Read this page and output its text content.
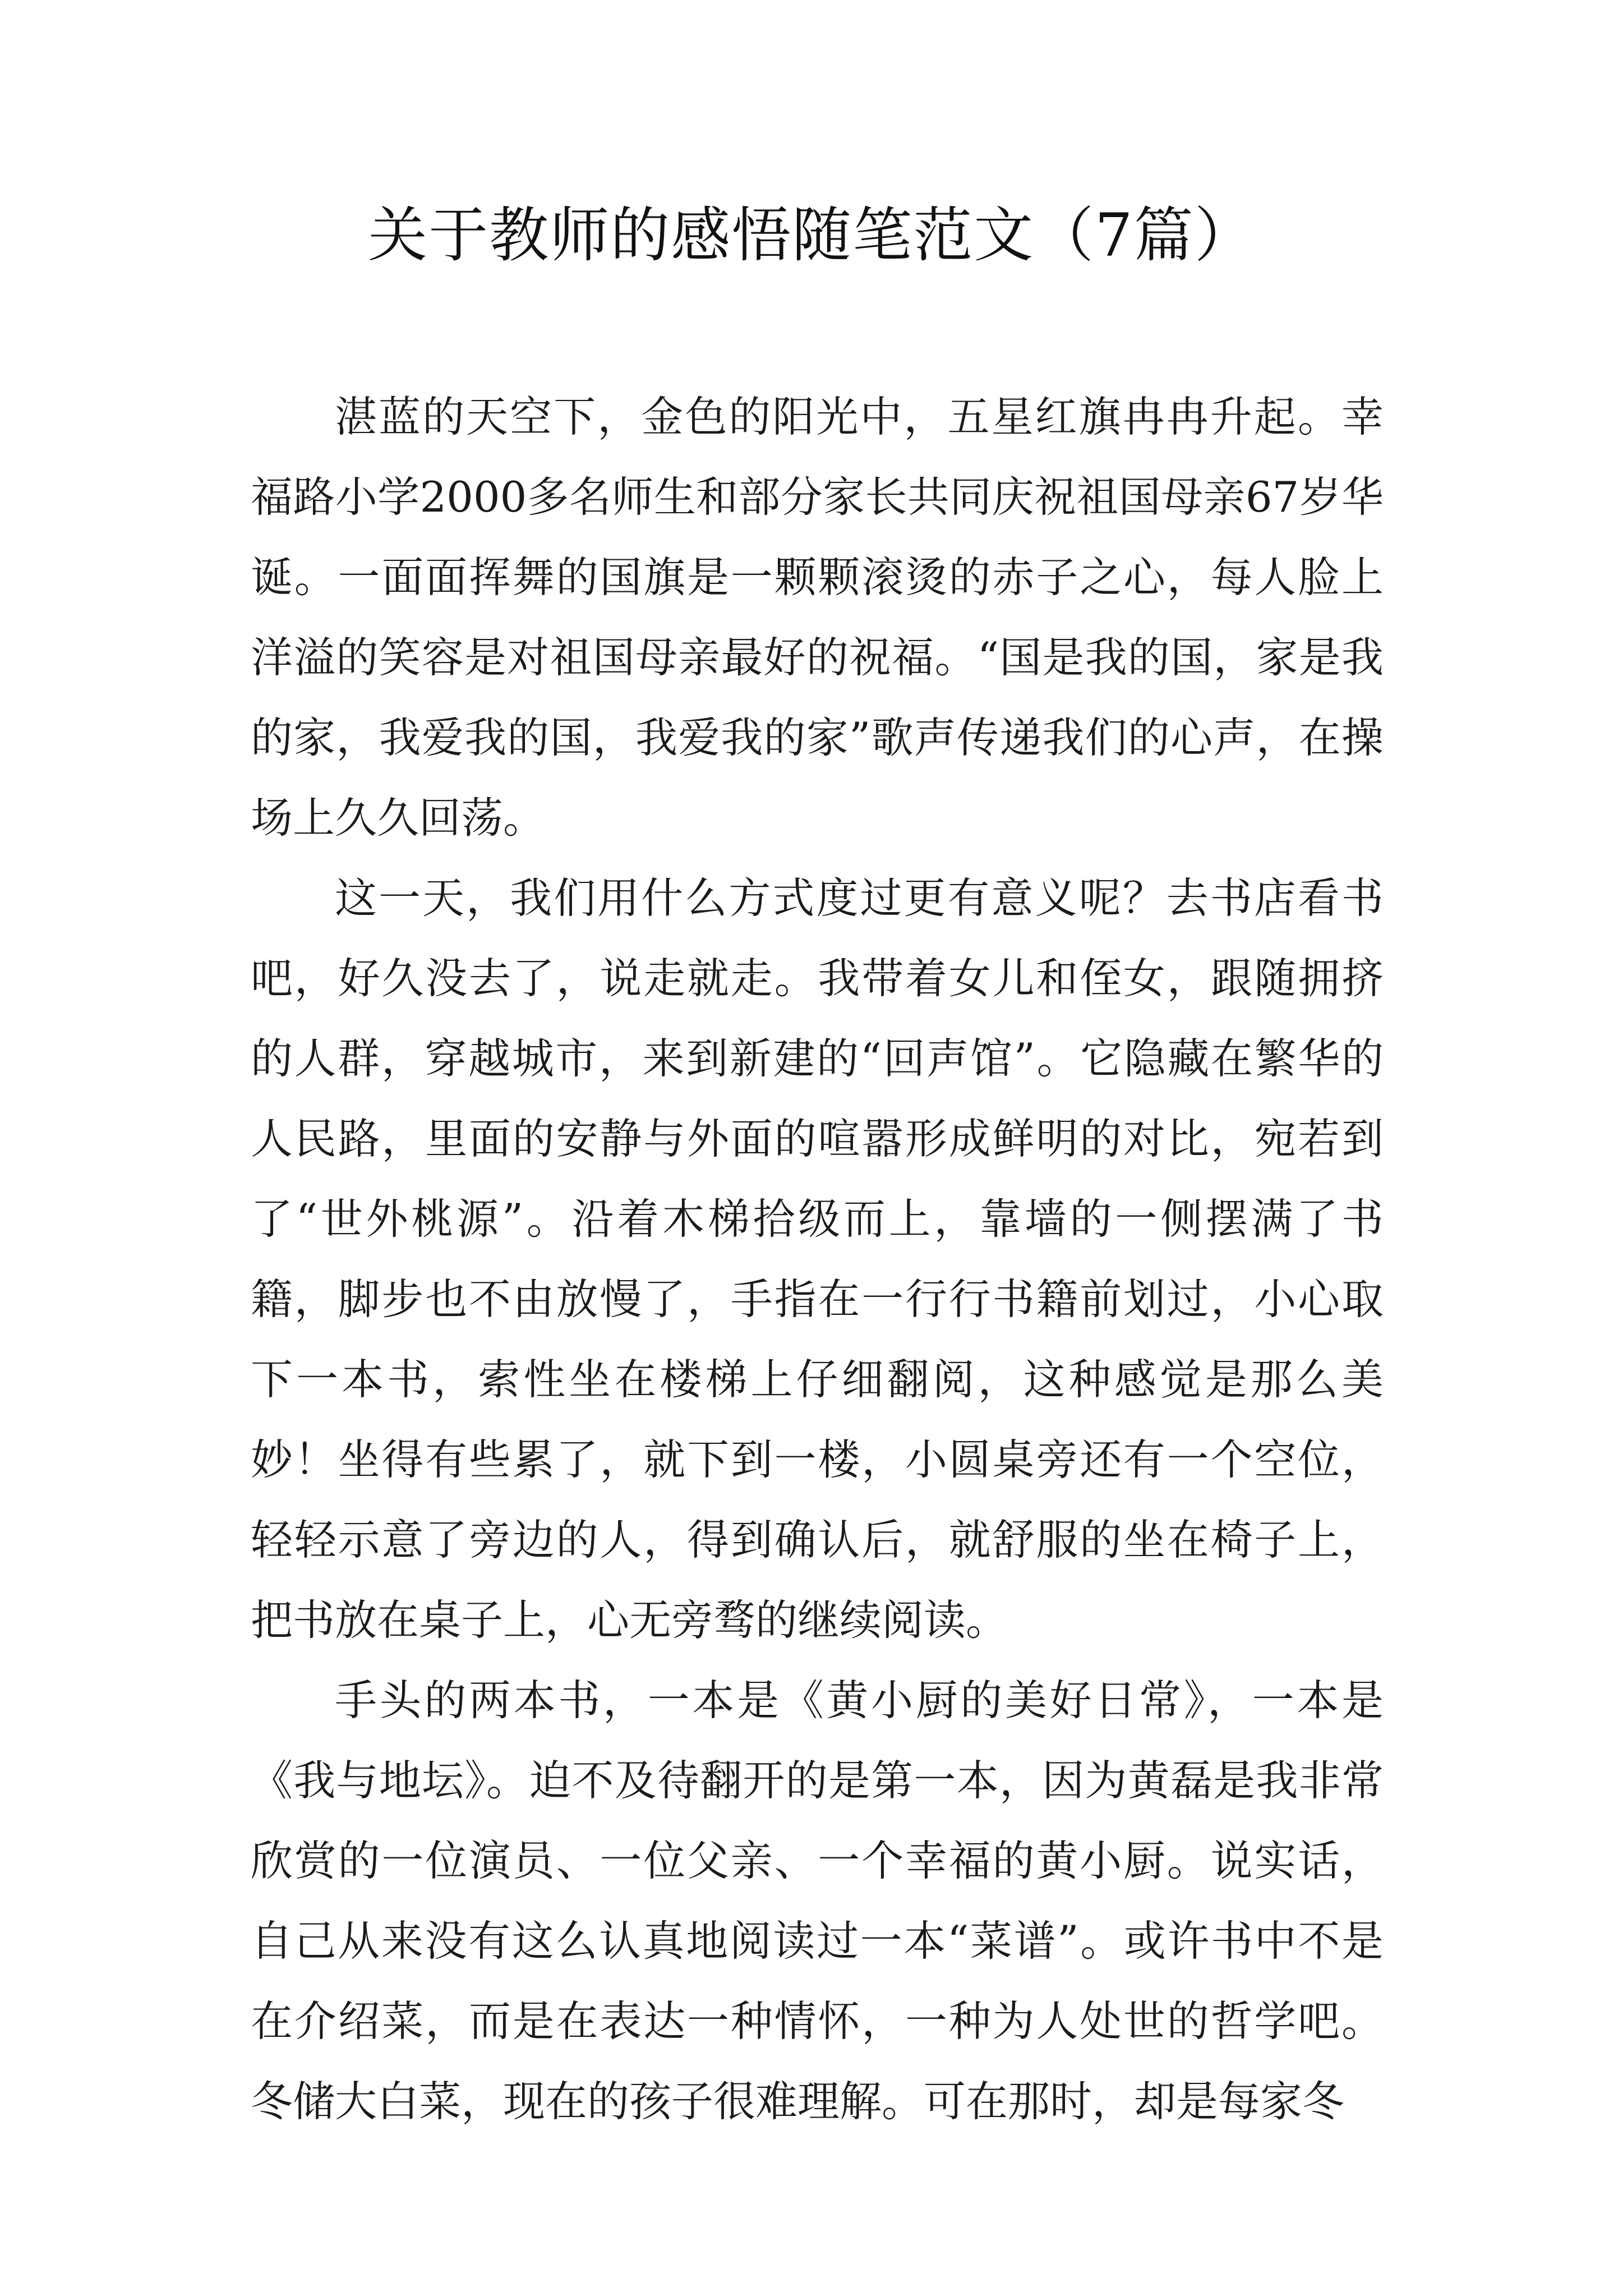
关于教师的感悟随笔范文（7篇）

湛蓝的天空下，金色的阳光中，五星红旗冉冉升起。幸福路小学2000多名师生和部分家长共同庆祝祖国母亲67岁华诞。一面面挥舞的国旗是一颗颗滚烫的赤子之心，每人脸上洋溢的笑容是对祖国母亲最好的祝福。“国是我的国，家是我的家，我爱我的国，我爱我的家”歌声传递我们的心声，在操场上久久回荡。

这一天，我们用什么方式度过更有意义呢？去书店看书吧，好久没去了，说走就走。我带着女儿和侄女，跟随拥挤的人群，穿越城市，来到新建的“回声馆”。它隐藏在繁华的人民路，里面的安静与外面的喧嚣形成鲜明的对比，宛若到了“世外桃源”。沿着木梯拾级而上，靠墙的一侧摆满了书籍，脚步也不由放慢了，手指在一行行书籍前划过，小心取下一本书，索性坐在楼梯上仔细翻阅，这种感觉是那么美妙！坐得有些累了，就下到一楼，小圆桌旁还有一个空位，轻轻示意了旁边的人，得到确认后，就舒服的坐在椅子上，把书放在桌子上，心无旁骛的继续阅读。

手头的两本书，一本是《黄小厨的美好日常》，一本是《我与地坛》。迫不及待翻开的是第一本，因为黄磊是我非常欣赏的一位演员、一位父亲、一个幸福的黄小厨。说实话，自己从来没有这么认真地阅读过一本“菜谱”。或许书中不是在介绍菜，而是在表达一种情怀，一种为人处世的哲学吧。冬储大白菜，现在的孩子很难理解。可在那时，却是每家冬
